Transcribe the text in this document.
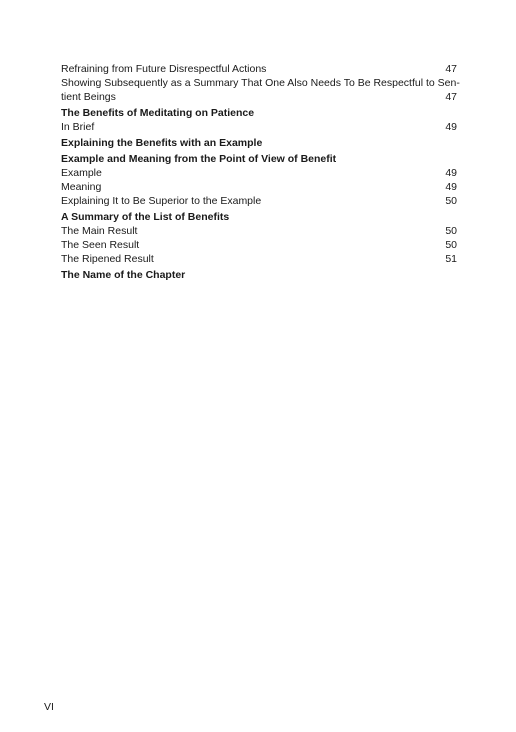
Refraining from Future Disrespectful Actions	47
Showing Subsequently as a Summary That One Also Needs To Be Respectful to Sen-
tient Beings	47
The Benefits of Meditating on Patience
In Brief	49
Explaining the Benefits with an Example
Example and Meaning from the Point of View of Benefit
Example	49
Meaning	49
Explaining It to Be Superior to the Example	50
A Summary of the List of Benefits
The Main Result	50
The Seen Result	50
The Ripened Result	51
The Name of the Chapter
VI
